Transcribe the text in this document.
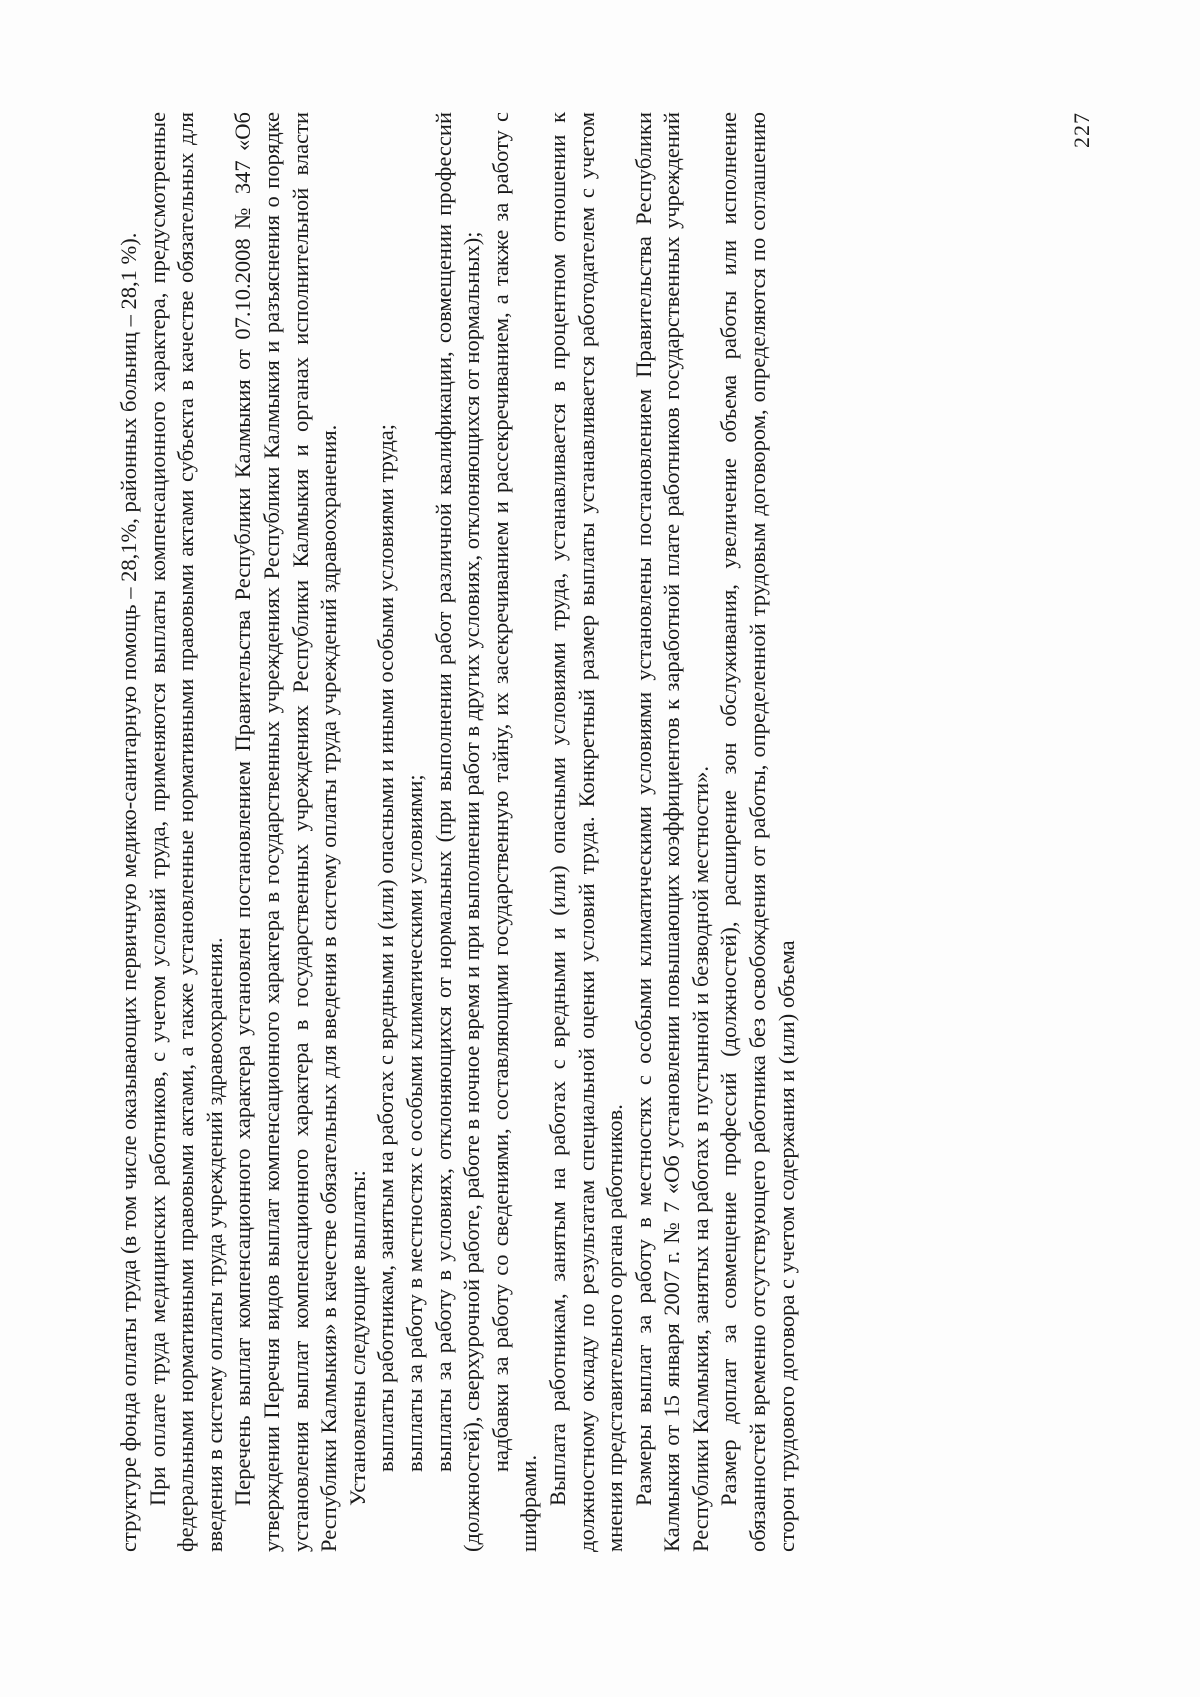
структуре фонда оплаты труда (в том числе оказывающих первичную медико-санитарную помощь – 28,1%, районных больниц – 28,1 %). При оплате труда медицинских работников, с учетом условий труда, применяются выплаты компенсационного характера, предусмотренные федеральными нормативными правовыми актами, а также установленные нормативными правовыми актами субъекта в качестве обязательных для введения в систему оплаты труда учреждений здравоохранения. Перечень выплат компенсационного характера установлен постановлением Правительства Республики Калмыкия от 07.10.2008 № 347 «Об утверждении Перечня видов выплат компенсационного характера в государственных учреждениях Республики Калмыкия и разъяснения о порядке установления выплат компенсационного характера в государственных учреждениях Республики Калмыкия и органах исполнительной власти Республики Калмыкия» в качестве обязательных для введения в систему оплаты труда учреждений здравоохранения. Установлены следующие выплаты: выплаты работникам, занятым на работах с вредными и (или) опасными и иными особыми условиями труда; выплаты за работу в местностях с особыми климатическими условиями; выплаты за работу в условиях, отклоняющихся от нормальных (при выполнении работ различной квалификации, совмещении профессий (должностей), сверхурочной работе, работе в ночное время и при выполнении работ в других условиях, отклоняющихся от нормальных); надбавки за работу со сведениями, составляющими государственную тайну, их засекречиванием и рассекречиванием, а также за работу с шифрами. Выплата работникам, занятым на работах с вредными и (или) опасными условиями труда, устанавливается в процентном отношении к должностному окладу по результатам специальной оценки условий труда. Конкретный размер выплаты устанавливается работодателем с учетом мнения представительного органа работников. Размеры выплат за работу в местностях с особыми климатическими условиями установлены постановлением Правительства Республики Калмыкия от 15 января 2007 г. № 7 «Об установлении повышающих коэффициентов к заработной плате работников государственных учреждений Республики Калмыкия, занятых на работах в пустынной и безводной местности». Размер доплат за совмещение профессий (должностей), расширение зон обслуживания, увеличение объема работы или исполнение обязанностей временно отсутствующего работника без освобождения от работы, определенной трудовым договором, определяются по соглашению сторон трудового договора с учетом содержания и (или) объема

227
